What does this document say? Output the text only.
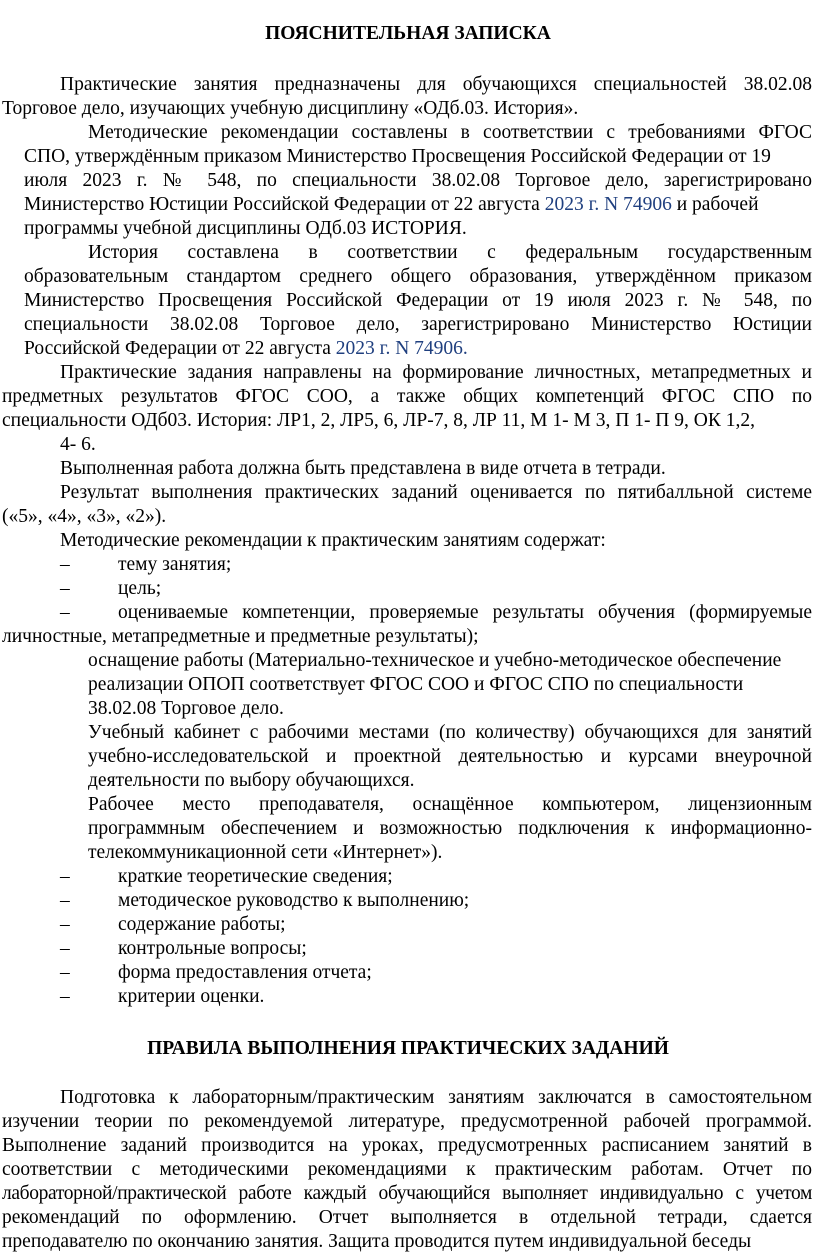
ПОЯСНИТЕЛЬНАЯ ЗАПИСКА
Практические занятия предназначены для обучающихся специальностей 38.02.08
Торговое дело, изучающих учебную дисциплину «ОДб.03. История».
Методические рекомендации составлены в соответствии с требованиями ФГОС
СПО, утверждённым приказом Министерство Просвещения Российской Федерации от 19
июля 2023 г. № 548, по специальности 38.02.08 Торговое дело, зарегистрировано
Министерство Юстиции Российской Федерации от 22 августа 2023 г. N 74906 и рабочей
программы учебной дисциплины ОДб.03 ИСТОРИЯ.
История составлена в соответствии с федеральным государственным
образовательным стандартом среднего общего образования, утверждённом приказом
Министерство Просвещения Российской Федерации от 19 июля 2023 г. № 548, по
специальности 38.02.08 Торговое дело, зарегистрировано Министерство Юстиции
Российской Федерации от 22 августа 2023 г. N 74906.
Практические задания направлены на формирование личностных, метапредметных и
предметных результатов ФГОС СОО, а также общих компетенций ФГОС СПО по
специальности ОДб03. История: ЛР1, 2, ЛР5, 6, ЛР-7, 8, ЛР 11, М 1- М 3, П 1- П 9, ОК 1,2,
4- 6.
Выполненная работа должна быть представлена в виде отчета в тетради.
Результат выполнения практических заданий оценивается по пятибалльной системе
(«5», «4», «3», «2»).
Методические рекомендации к практическим занятиям содержат:
– тему занятия;
– цель;
– оцениваемые компетенции, проверяемые результаты обучения (формируемые
личностные, метапредметные и предметные результаты);
оснащение работы (Материально-техническое и учебно-методическое обеспечение
реализации ОПОП соответствует ФГОС СОО и ФГОС СПО по специальности
38.02.08 Торговое дело.
Учебный кабинет с рабочими местами (по количеству) обучающихся для занятий
учебно-исследовательской и проектной деятельностью и курсами внеурочной
деятельности по выбору обучающихся.
Рабочее место преподавателя, оснащённое компьютером, лицензионным
программным обеспечением и возможностью подключения к информационно-
телекоммуникационной сети «Интернет»).
– краткие теоретические сведения;
– методическое руководство к выполнению;
– содержание работы;
– контрольные вопросы;
– форма предоставления отчета;
– критерии оценки.
ПРАВИЛА ВЫПОЛНЕНИЯ ПРАКТИЧЕСКИХ ЗАДАНИЙ
Подготовка к лабораторным/практическим занятиям заключатся в самостоятельном
изучении теории по рекомендуемой литературе, предусмотренной рабочей программой.
Выполнение заданий производится на уроках, предусмотренных расписанием занятий в
соответствии с методическими рекомендациями к практическим работам. Отчет по
лабораторной/практической работе каждый обучающийся выполняет индивидуально с учетом
рекомендаций по оформлению. Отчет выполняется в отдельной тетради, сдается
преподавателю по окончанию занятия. Защита проводится путем индивидуальной беседы
